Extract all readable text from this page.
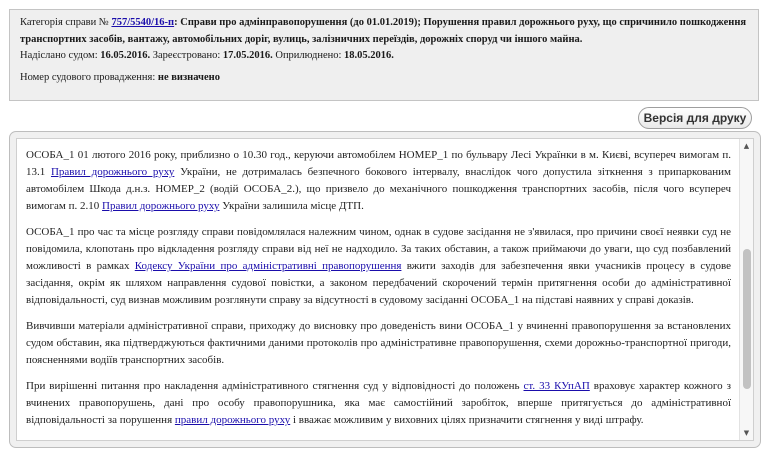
Категорія справи № 757/5540/16-п: Справи про адмінправопорушення (до 01.01.2019); Порушення правил дорожнього руху, що спричинило пошкодження транспортних засобів, вантажу, автомобільних доріг, вулиць, залізничних переїздів, дорожніх споруд чи іншого майна.
Надіслано судом: 16.05.2016. Зареєстровано: 17.05.2016. Оприлюднено: 18.05.2016.
Номер судового провадження: не визначено
Версія для друку

ОСОБА_1 01 лютого 2016 року, приблизно о 10.30 год., керуючи автомобілем НОМЕР_1 по бульвару Лесі Українки в м. Києві, всупереч вимогам п. 13.1 Правил дорожнього руху України, не дотрималась безпечного бокового інтервалу, внаслідок чого допустила зіткнення з припаркованим автомобілем Шкода д.н.з. НОМЕР_2 (водій ОСОБА_2.), що призвело до механічного пошкодження транспортних засобів, після чого всупереч вимогам п. 2.10 Правил дорожнього руху України залишила місце ДТП.

ОСОБА_1 про час та місце розгляду справи повідомлялася належним чином, однак в судове засідання не з'явилася, про причини своєї неявки суд не повідомила, клопотань про відкладення розгляду справи від неї не надходило. За таких обставин, а також приймаючи до уваги, що суд позбавлений можливості в рамках Кодексу України про адміністративні правопорушення вжити заходів для забезпечення явки учасників процесу в судове засідання, окрім як шляхом направлення судової повістки, а законом передбачений скорочений термін притягнення особи до адміністративної відповідальності, суд визнав можливим розглянути справу за відсутності в судовому засіданні ОСОБА_1 на підставі наявних у справі доказів.

Вивчивши матеріали адміністративної справи, приходжу до висновку про доведеність вини ОСОБА_1 у вчиненні правопорушення за встановлених судом обставин, яка підтверджуються фактичними даними протоколів про адміністративне правопорушення, схеми дорожньо-транспортної пригоди, поясненнями водіїв транспортних засобів.

При вирішенні питання про накладення адміністративного стягнення суд у відповідності до положень ст. 33 КУпАП враховує характер кожного з вчинених правопорушень, дані про особу правопорушника, яка має самостійний заробіток, вперше притягується до адміністративної відповідальності за порушення правил дорожнього руху і вважає можливим у виховних цілях призначити стягнення у виді штрафу.

▲
▼
